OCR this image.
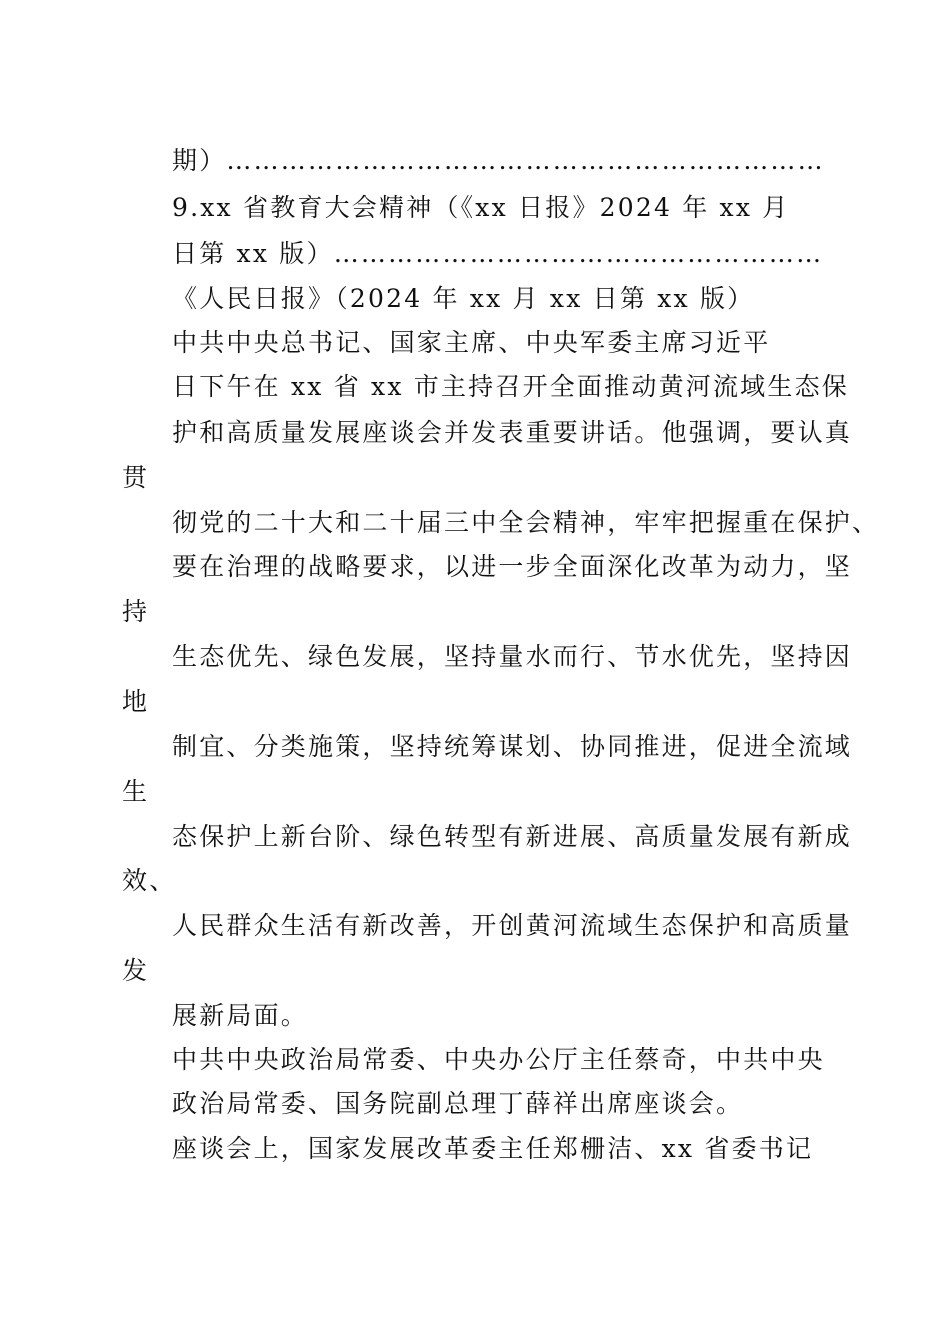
期）…………………………………………………………
9.xx 省教育大会精神（《xx 日报》2024 年 xx 月
日第 xx 版）………………………………………………
《人民日报》（2024 年 xx 月 xx 日第 xx 版）
中共中央总书记、国家主席、中央军委主席习近平
日下午在 xx 省 xx 市主持召开全面推动黄河流域生态保
护和高质量发展座谈会并发表重要讲话。他强调，要认真
贯
彻党的二十大和二十届三中全会精神，牢牢把握重在保护、
要在治理的战略要求，以进一步全面深化改革为动力，坚
持
生态优先、绿色发展，坚持量水而行、节水优先，坚持因
地
制宜、分类施策，坚持统筹谋划、协同推进，促进全流域
生
态保护上新台阶、绿色转型有新进展、高质量发展有新成
效、
人民群众生活有新改善，开创黄河流域生态保护和高质量
发
展新局面。
中共中央政治局常委、中央办公厅主任蔡奇，中共中央
政治局常委、国务院副总理丁薛祥出席座谈会。
座谈会上，国家发展改革委主任郑栅洁、xx 省委书记
